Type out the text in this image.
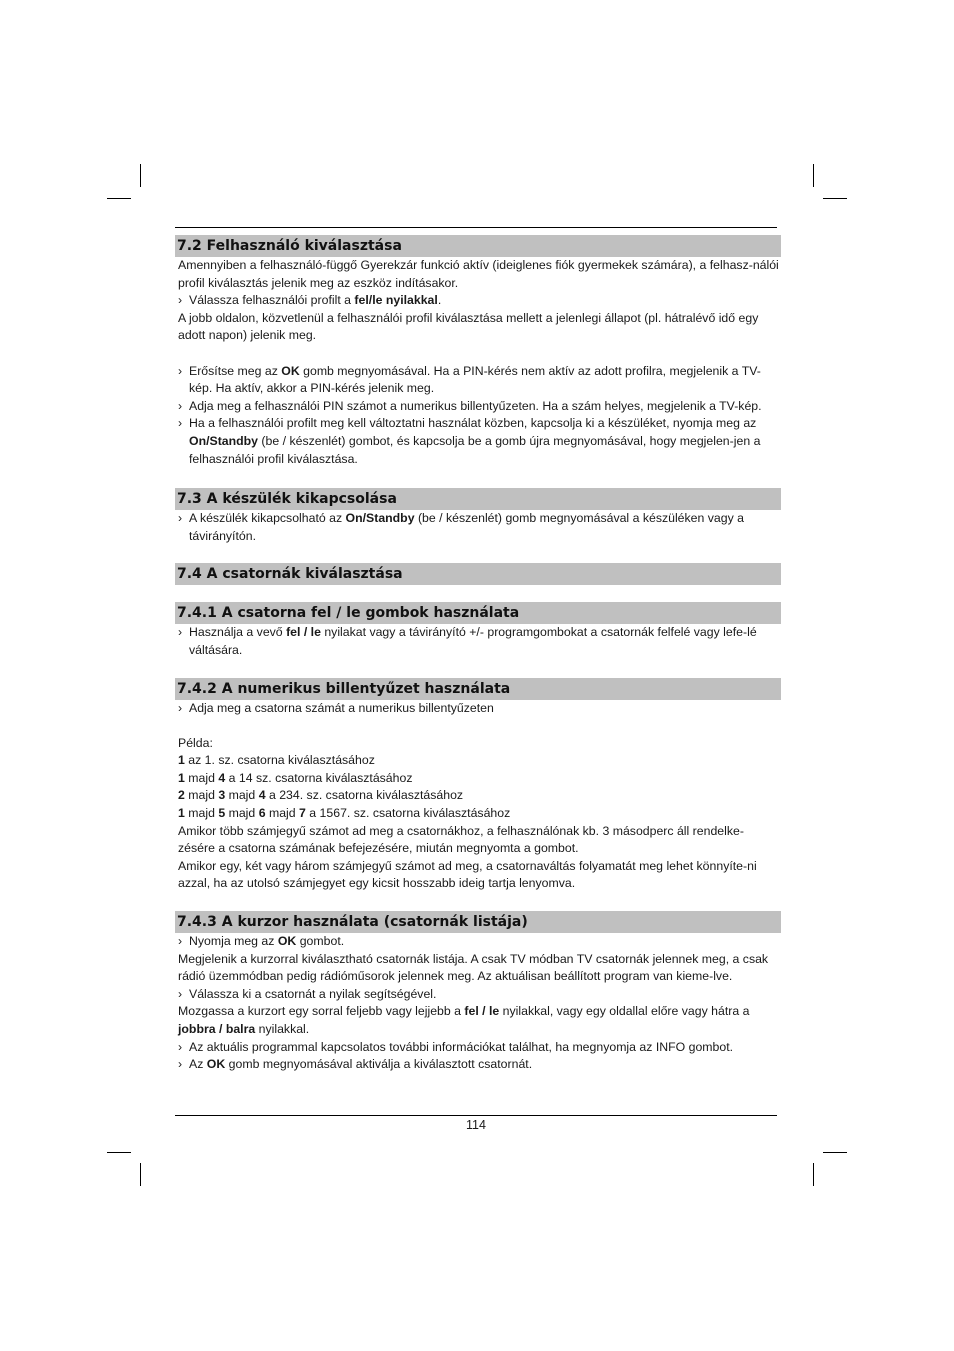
7.2 Felhasználó kiválasztása
Amennyiben a felhasználó-függő Gyerekzár funkció aktív (ideiglenes fiók gyermekek számára), a felhasz-nálói profil kiválasztás jelenik meg az eszköz indításakor.
› Válassza felhasználói profilt a fel/le nyilakkal.
A jobb oldalon, közvetlenül a felhasználói profil kiválasztása mellett a jelenlegi állapot (pl. hátralévő idő egy adott napon) jelenik meg.
› Erősítse meg az OK gomb megnyomásával. Ha a PIN-kérés nem aktív az adott profilra, megjelenik a TV- kép. Ha aktív, akkor a PIN-kérés jelenik meg.
› Adja meg a felhasználói PIN számot a numerikus billentyűzeten. Ha a szám helyes, megjelenik a TV-kép.
› Ha a felhasználói profilt meg kell változtatni használat közben, kapcsolja ki a készüléket, nyomja meg az On/Standby (be / készenlét) gombot, és kapcsolja be a gomb újra megnyomásával, hogy megjelen-jen a felhasználói profil kiválasztása.
7.3 A készülék kikapcsolása
› A készülék kikapcsolható az On/Standby (be / készenlét) gomb megnyomásával a készüléken vagy a távirányítón.
7.4 A csatornák kiválasztása
7.4.1 A csatorna fel / le gombok használata
› Használja a vevő fel / le nyilakat vagy a távirányító +/- programgombokat a csatornák felfelé vagy lefe-lé váltására.
7.4.2 A numerikus billentyűzet használata
› Adja meg a csatorna számát a numerikus billentyűzeten
Példa:
1 az 1. sz. csatorna kiválasztásához
1 majd 4 a 14 sz. csatorna kiválasztásához
2 majd 3 majd 4 a 234. sz. csatorna kiválasztásához
1 majd 5 majd 6 majd 7 a 1567. sz. csatorna kiválasztásához
Amikor több számjegyű számot ad meg a csatornákhoz, a felhasználónak kb. 3 másodperc áll rendelke-zésére a csatorna számának befejezésére, miután megnyomta a gombot.
Amikor egy, két vagy három számjegyű számot ad meg, a csatornaváltás folyamatát meg lehet könnyíte-ni azzal, ha az utolsó számjegyet egy kicsit hosszabb ideig tartja lenyomva.
7.4.3 A kurzor használata (csatornák listája)
› Nyomja meg az OK gombot.
Megjelenik a kurzorral kiválasztható csatornák listája. A csak TV módban TV csatornák jelennek meg, a csak rádió üzemmódban pedig rádióműsorok jelennek meg. Az aktuálisan beállított program van kieme-lve.
› Válassza ki a csatornát a nyilak segítségével.
Mozgassa a kurzort egy sorral feljebb vagy lejjebb a fel / le nyilakkal, vagy egy oldallal előre vagy hátra a jobbra / balra nyilakkal.
› Az aktuális programmal kapcsolatos további információkat találhat, ha megnyomja az INFO gombot.
› Az OK gomb megnyomásával aktiválja a kiválasztott csatornát.
114
